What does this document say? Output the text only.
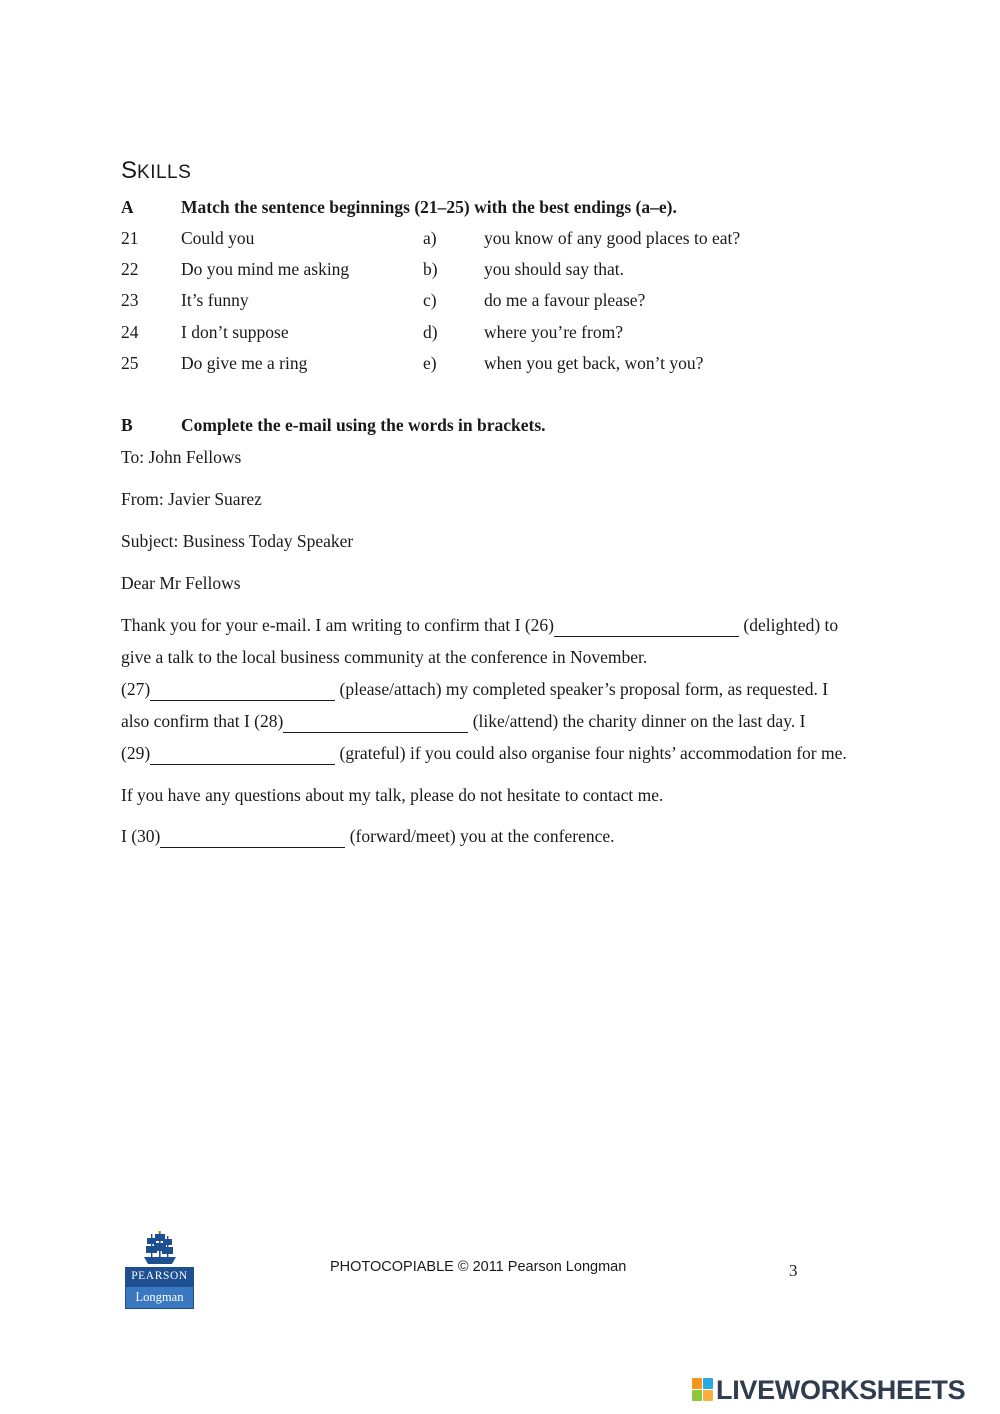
SKILLS
A	Match the sentence beginnings (21–25) with the best endings (a–e).
21 Could you	a)	you know of any good places to eat?
22 Do you mind me asking	b)	you should say that.
23 It’s funny	c)	do me a favour please?
24 I don’t suppose	d)	where you’re from?
25 Do give me a ring	e)	when you get back, won’t you?
B	Complete the e-mail using the words in brackets.
To: John Fellows
From: Javier Suarez
Subject: Business Today Speaker
Dear Mr Fellows
Thank you for your e-mail. I am writing to confirm that I (26)	(delighted) to
give a talk to the local business community at the conference in November.
(27)	(please/attach) my completed speaker’s proposal form, as requested. I
also confirm that I (28)	(like/attend) the charity dinner on the last day. I
(29)	(grateful) if you could also organise four nights’ accommodation for me.
If you have any questions about my talk, please do not hesitate to contact me.
I (30)	(forward/meet) you at the conference.
PEARSON
Longman
PHOTOCOPIABLE © 2011 Pearson Longman	3
LIVEWORKSHEETS
